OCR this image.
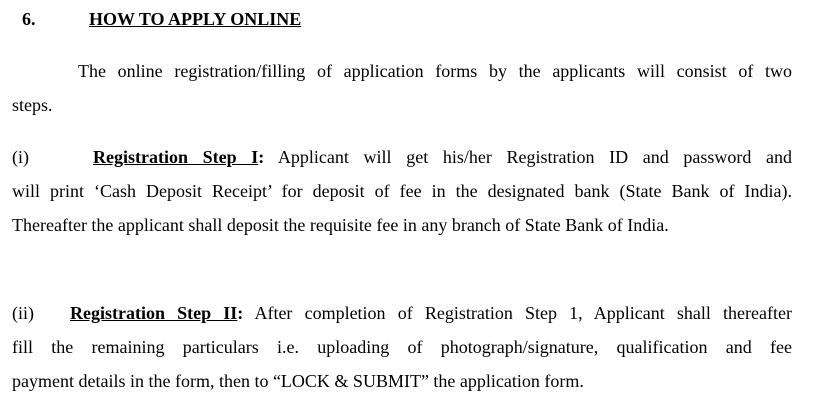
6.	HOW TO APPLY ONLINE
The online registration/filling of application forms by the applicants will consist of two
steps.
(i)	Registration Step I: Applicant will get his/her Registration ID and password and
will print ‘Cash Deposit Receipt’ for deposit of fee in the designated bank (State Bank of India).
Thereafter the applicant shall deposit the requisite fee in any branch of State Bank of India.
(ii) Registration Step II: After completion of Registration Step 1, Applicant shall thereafter
fill the remaining particulars i.e. uploading of photograph/signature, qualification and fee
payment details in the form, then to “LOCK & SUBMIT” the application form.
